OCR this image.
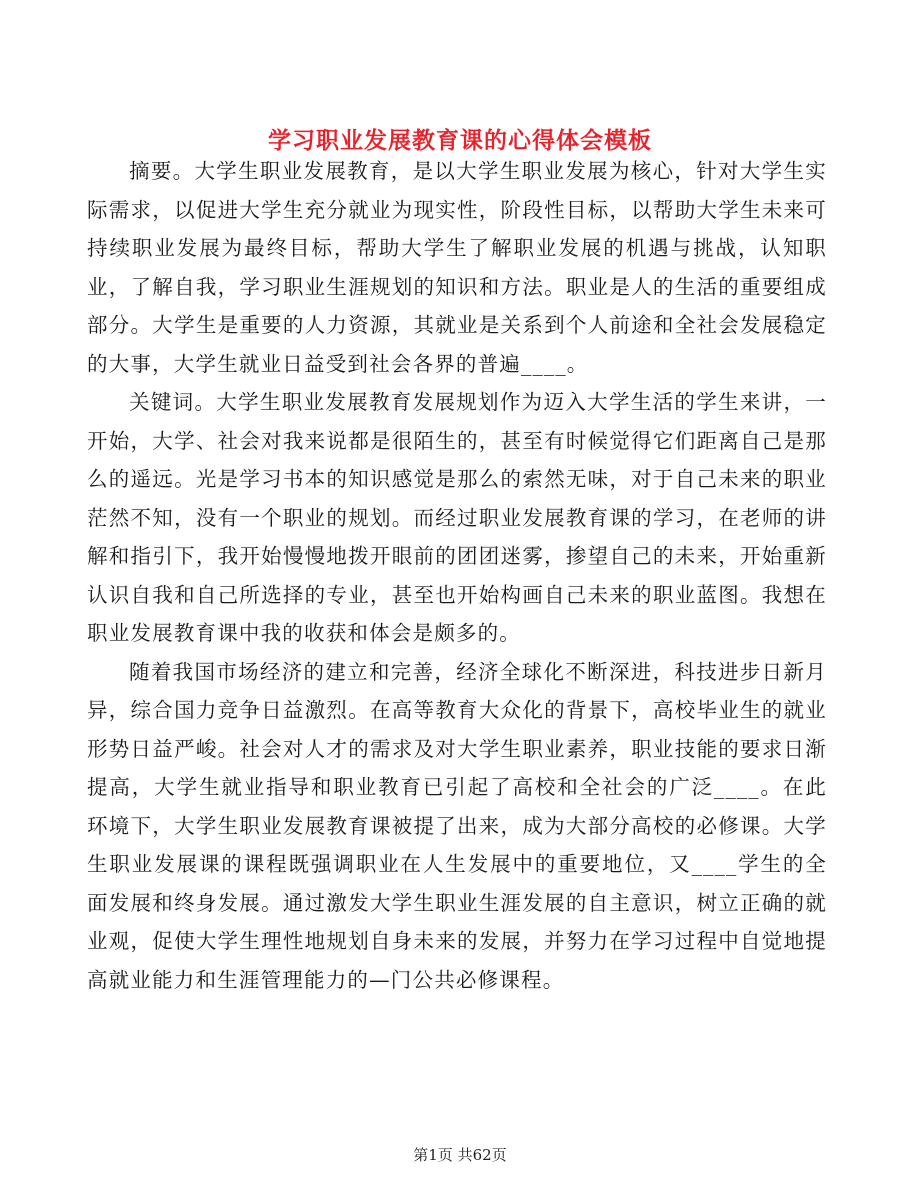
学习职业发展教育课的心得体会模板

摘要。大学生职业发展教育，是以大学生职业发展为核心，针对大学生实际需求，以促进大学生充分就业为现实性，阶段性目标，以帮助大学生未来可持续职业发展为最终目标，帮助大学生了解职业发展的机遇与挑战，认知职业，了解自我，学习职业生涯规划的知识和方法。职业是人的生活的重要组成部分。大学生是重要的人力资源，其就业是关系到个人前途和全社会发展稳定的大事，大学生就业日益受到社会各界的普遍____。

关键词。大学生职业发展教育发展规划作为迈入大学生活的学生来讲，一开始，大学、社会对我来说都是很陌生的，甚至有时候觉得它们距离自己是那么的遥远。光是学习书本的知识感觉是那么的索然无味，对于自己未来的职业茫然不知，没有一个职业的规划。而经过职业发展教育课的学习，在老师的讲解和指引下，我开始慢慢地拨开眼前的团团迷雾，掺望自己的未来，开始重新认识自我和自己所选择的专业，甚至也开始构画自己未来的职业蓝图。我想在职业发展教育课中我的收获和体会是颇多的。

随着我国市场经济的建立和完善，经济全球化不断深进，科技进步日新月异，综合国力竞争日益激烈。在高等教育大众化的背景下，高校毕业生的就业形势日益严峻。社会对人才的需求及对大学生职业素养，职业技能的要求日渐提高，大学生就业指导和职业教育已引起了高校和全社会的广泛____。在此环境下，大学生职业发展教育课被提了出来，成为大部分高校的必修课。大学生职业发展课的课程既强调职业在人生发展中的重要地位，又____学生的全面发展和终身发展。通过激发大学生职业生涯发展的自主意识，树立正确的就业观，促使大学生理性地规划自身未来的发展，并努力在学习过程中自觉地提高就业能力和生涯管理能力的—门公共必修课程。

第1页 共62页
